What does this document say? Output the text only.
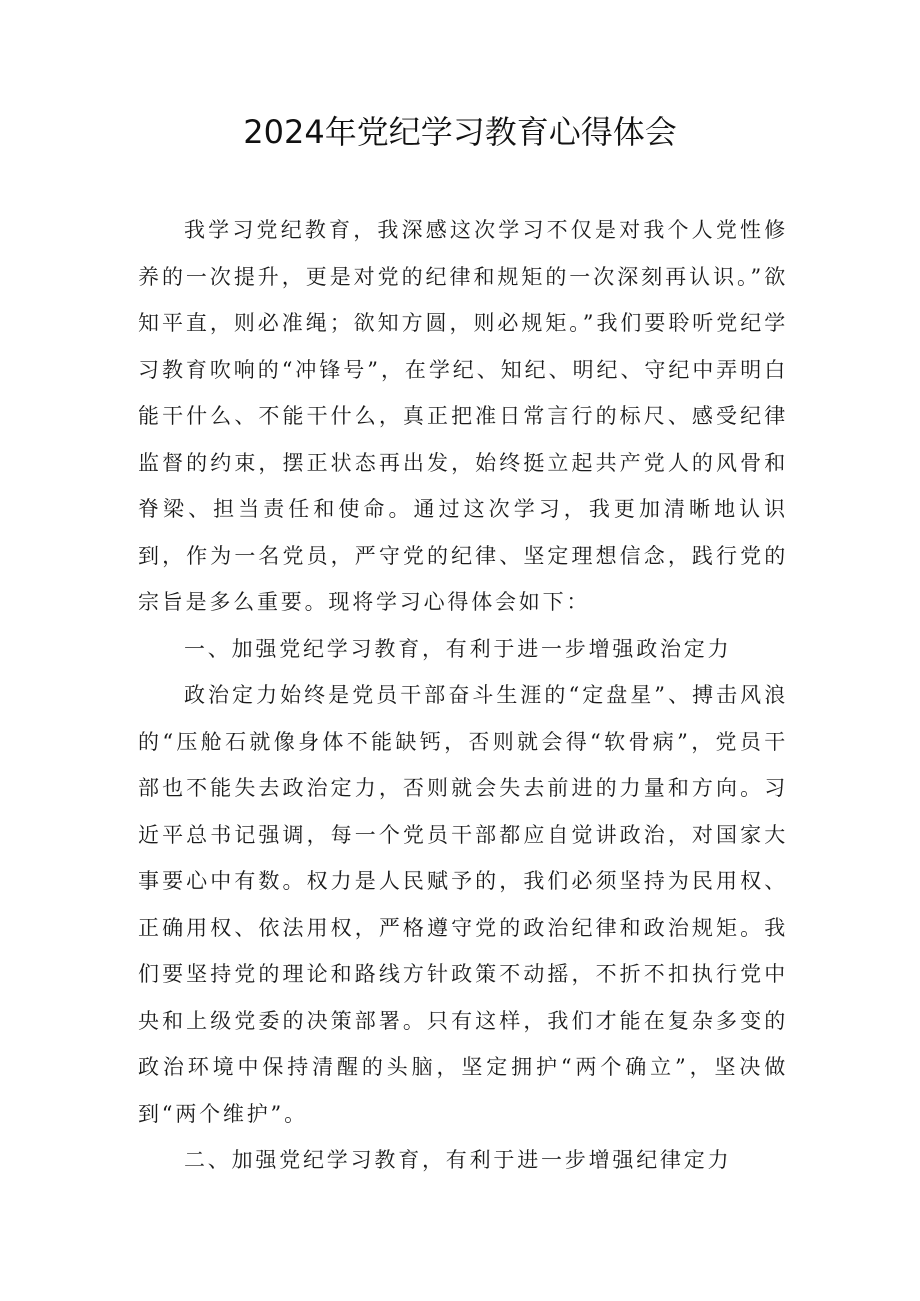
2024年党纪学习教育心得体会

我学习党纪教育，我深感这次学习不仅是对我个人党性修养的一次提升，更是对党的纪律和规矩的一次深刻再认识。”欲知平直，则必准绳；欲知方圆，则必规矩。”我们要聆听党纪学习教育吹响的“冲锋号”，在学纪、知纪、明纪、守纪中弄明白能干什么、不能干什么，真正把准日常言行的标尺、感受纪律监督的约束，摆正状态再出发，始终挺立起共产党人的风骨和脊梁、担当责任和使命。通过这次学习，我更加清晰地认识到，作为一名党员，严守党的纪律、坚定理想信念，践行党的宗旨是多么重要。现将学习心得体会如下：

一、加强党纪学习教育，有利于进一步增强政治定力

政治定力始终是党员干部奋斗生涯的“定盘星”、搏击风浪的“压舱石就像身体不能缺钙，否则就会得“软骨病”，党员干部也不能失去政治定力，否则就会失去前进的力量和方向。习近平总书记强调，每一个党员干部都应自觉讲政治，对国家大事要心中有数。权力是人民赋予的，我们必须坚持为民用权、正确用权、依法用权，严格遵守党的政治纪律和政治规矩。我们要坚持党的理论和路线方针政策不动摇，不折不扣执行党中央和上级党委的决策部署。只有这样，我们才能在复杂多变的政治环境中保持清醒的头脑，坚定拥护“两个确立”，坚决做到“两个维护”。

二、加强党纪学习教育，有利于进一步增强纪律定力
